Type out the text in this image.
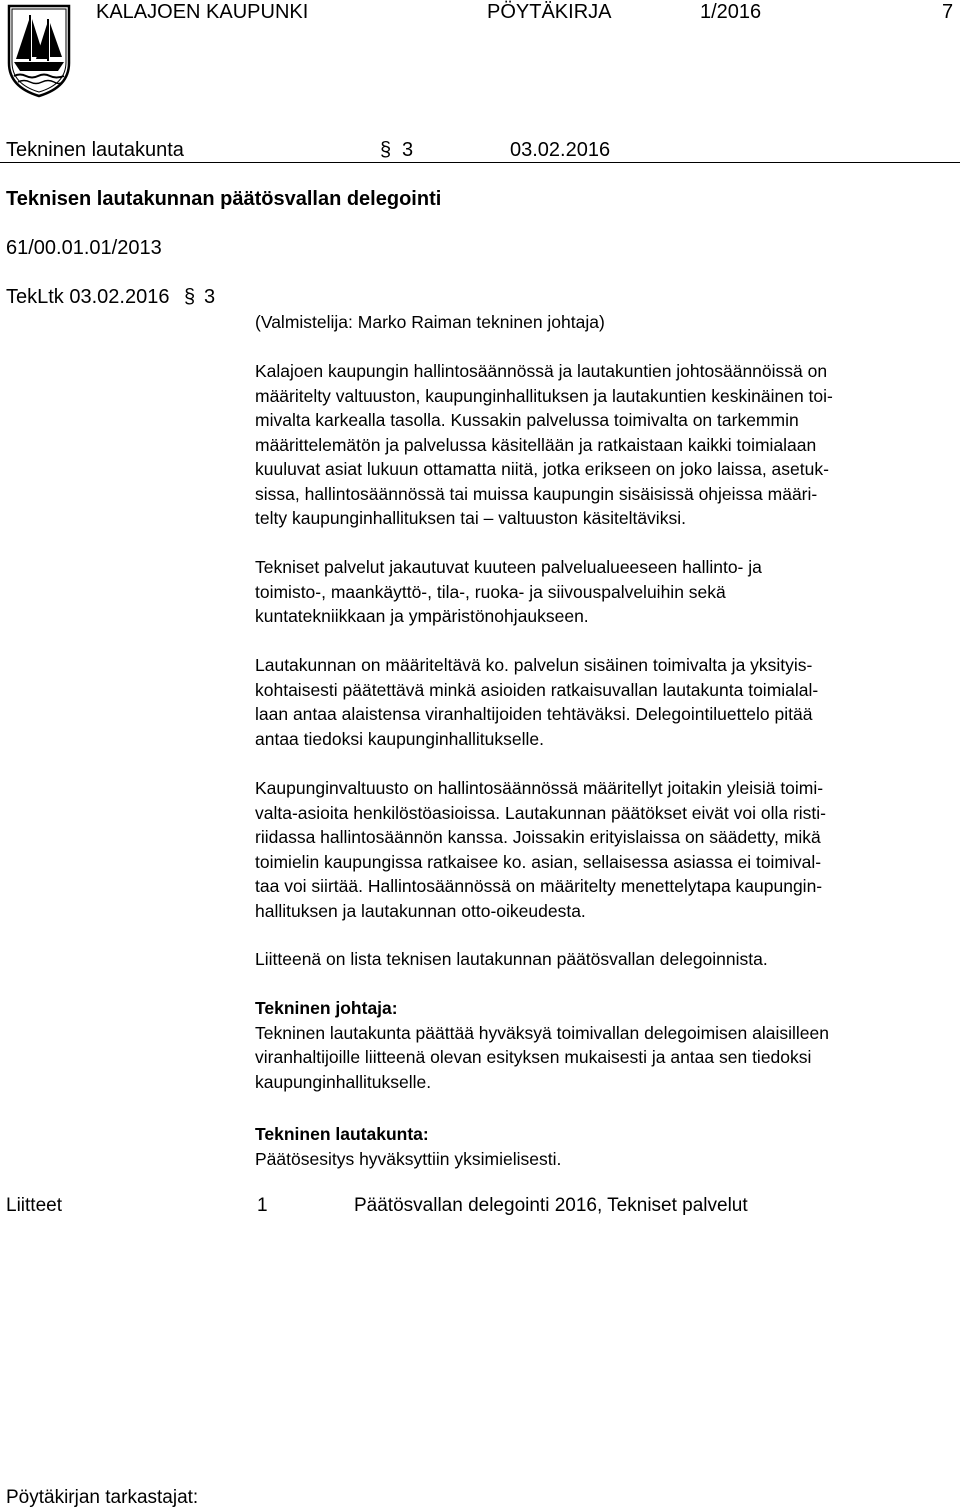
KALAJOEN KAUPUNKI	PÖYTÄKIRJA	1/2016	7
Tekninen lautakunta	§ 3	03.02.2016
Teknisen lautakunnan päätösvallan delegointi
61/00.01.01/2013
TekLtk 03.02.2016 § 3

(Valmistelija: Marko Raiman tekninen johtaja)

Kalajoen kaupungin hallintosäännössä ja lautakuntien johtosäännöissä on

määritelty valtuuston, kaupunginhallituksen ja lautakuntien keskinäinen toi-

mivalta karkealla tasolla. Kussakin palvelussa toimivalta on tarkemmin

määrittelemätön ja palvelussa käsitellään ja ratkaistaan kaikki toimialaan

kuuluvat asiat lukuun ottamatta niitä, jotka erikseen on joko laissa, asetuk-

sissa, hallintosäännössä tai muissa kaupungin sisäisissä ohjeissa määri-

telty kaupunginhallituksen tai – valtuuston käsiteltäviksi.

Tekniset palvelut jakautuvat kuuteen palvelualueeseen hallinto- ja

toimisto-, maankäyttö-, tila-, ruoka- ja siivouspalveluihin sekä

kuntatekniikkaan ja ympäristönohjaukseen.

Lautakunnan on määriteltävä ko. palvelun sisäinen toimivalta ja yksityis-

kohtaisesti päätettävä minkä asioiden ratkaisuvallan lautakunta toimialal-

laan antaa alaistensa viranhaltijoiden tehtäväksi. Delegointiluettelo pitää

antaa tiedoksi kaupunginhallitukselle.

Kaupunginvaltuusto on hallintosäännössä määritellyt joitakin yleisiä toimi-

valta-asioita henkilöstöasioissa. Lautakunnan päätökset eivät voi olla risti-

riidassa hallintosäännön kanssa. Joissakin erityislaissa on säädetty, mikä

toimielin kaupungissa ratkaisee ko. asian, sellaisessa asiassa ei toimival-

taa voi siirtää. Hallintosäännössä on määritelty menettelytapa kaupungin-

hallituksen ja lautakunnan otto-oikeudesta.

Liitteenä on lista teknisen lautakunnan päätösvallan delegoinnista.

Tekninen johtaja:

Tekninen lautakunta päättää hyväksyä toimivallan delegoimisen alaisilleen

viranhaltijoille liitteenä olevan esityksen mukaisesti ja antaa sen tiedoksi

kaupunginhallitukselle.

Tekninen lautakunta:

Päätösesitys hyväksyttiin yksimielisesti.

Liitteet	1	Päätösvallan delegointi 2016, Tekniset palvelut
Pöytäkirjan tarkastajat:
